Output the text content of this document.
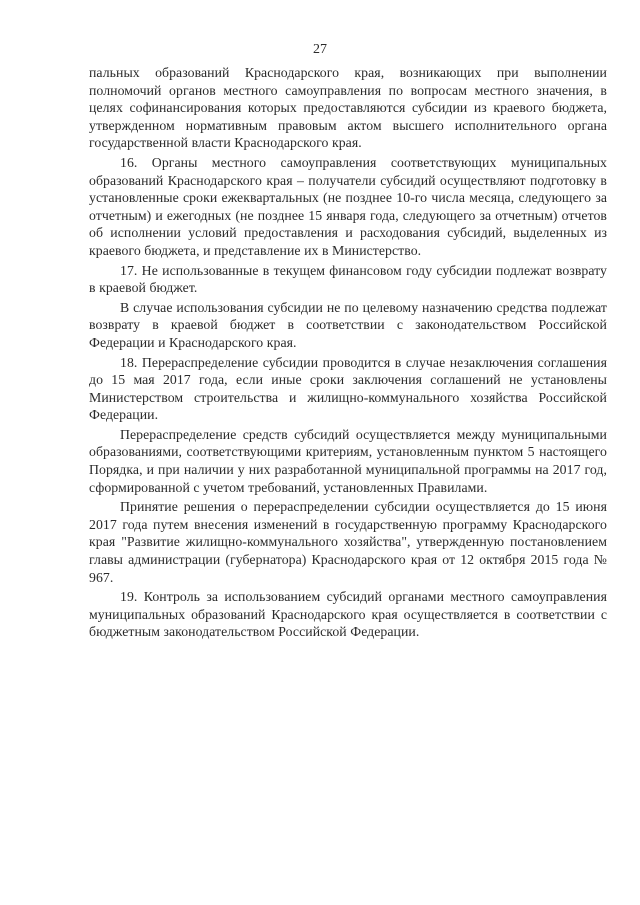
27

пальных образований Краснодарского края, возникающих при выполнении полномочий органов местного самоуправления по вопросам местного значения, в целях софинансирования которых предоставляются субсидии из краевого бюджета, утвержденном нормативным правовым актом высшего исполнительного органа государственной власти Краснодарского края.

16. Органы местного самоуправления соответствующих муниципальных образований Краснодарского края – получатели субсидий осуществляют подготовку в установленные сроки ежеквартальных (не позднее 10-го числа месяца, следующего за отчетным) и ежегодных (не позднее 15 января года, следующего за отчетным) отчетов об исполнении условий предоставления и расходования субсидий, выделенных из краевого бюджета, и представление их в Министерство.

17. Не использованные в текущем финансовом году субсидии подлежат возврату в краевой бюджет.

В случае использования субсидии не по целевому назначению средства подлежат возврату в краевой бюджет в соответствии с законодательством Российской Федерации и Краснодарского края.

18. Перераспределение субсидии проводится в случае незаключения соглашения до 15 мая 2017 года, если иные сроки заключения соглашений не установлены Министерством строительства и жилищно-коммунального хозяйства Российской Федерации.

Перераспределение средств субсидий осуществляется между муниципальными образованиями, соответствующими критериям, установленным пунктом 5 настоящего Порядка, и при наличии у них разработанной муниципальной программы на 2017 год, сформированной с учетом требований, установленных Правилами.

Принятие решения о перераспределении субсидии осуществляется до 15 июня 2017 года путем внесения изменений в государственную программу Краснодарского края "Развитие жилищно-коммунального хозяйства", утвержденную постановлением главы администрации (губернатора) Краснодарского края от 12 октября 2015 года № 967.

19. Контроль за использованием субсидий органами местного самоуправления муниципальных образований Краснодарского края осуществляется в соответствии с бюджетным законодательством Российской Федерации.
